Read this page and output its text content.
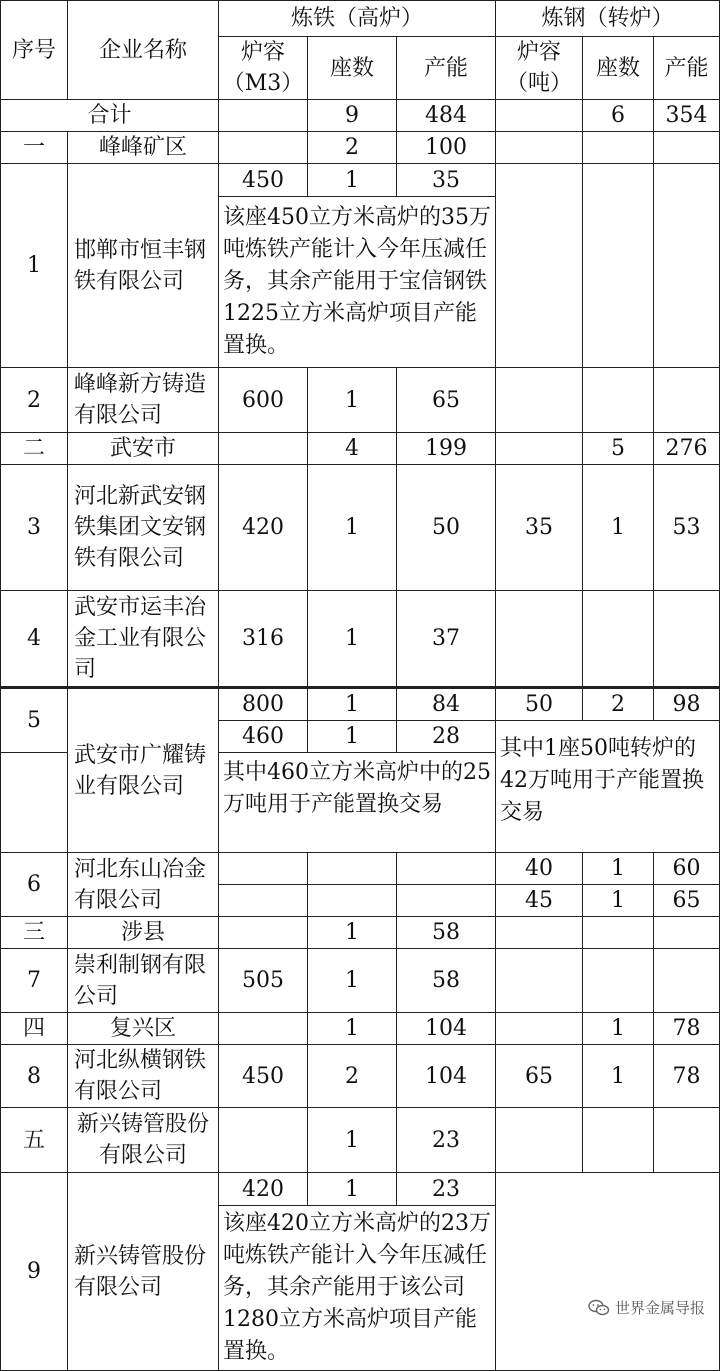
序号	企业名称	炼铁（高炉）			炼钢（转炉）		
		炉容（M3）	座数	产能	炉容（吨）	座数	产能
合计			9	484		6	354
一	峰峰矿区		2	100			
1	邯郸市恒丰钢铁有限公司	450	1	35			
		该座450立方米高炉的35万吨炼铁产能计入今年压减任务，其余产能用于宝信钢铁1225立方米高炉项目产能置换。					
2	峰峰新方铸造有限公司	600	1	65			
二	武安市		4	199		5	276
3	河北新武安钢铁集团文安钢铁有限公司	420	1	50	35	1	53
4	武安市运丰冶金工业有限公司	316	1	37			
5	武安市广耀铸业有限公司	800	1	84	50	2	98
		460	1	28	其中1座50吨转炉的42万吨用于产能置换交易		
		其中460立方米高炉中的25万吨用于产能置换交易					
6	河北东山冶金有限公司				40	1	60
					45	1	65
三	涉县		1	58			
7	崇利制钢有限公司	505	1	58			
四	复兴区		1	104		1	78
8	河北纵横钢铁有限公司	450	2	104	65	1	78
五	新兴铸管股份有限公司		1	23			
9	新兴铸管股份有限公司	420	1	23			
		该座420立方米高炉的23万吨炼铁产能计入今年压减任务，其余产能用于该公司1280立方米高炉项目产能置换。					
世界金属导报
